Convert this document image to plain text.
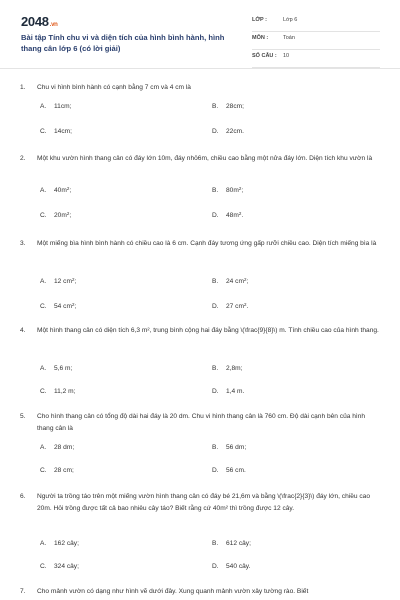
2048.vn
Bài tập Tính chu vi và diện tích của hình bình hành, hình thang cân lớp 6 (có lời giải)
LỚP :	Lớp 6
MÔN :	Toán
SỐ CÂU : 10
1.	Chu vi hình bình hành có cạnh bằng 7 cm và 4 cm là
A. 11cm;	B. 28cm;
C. 14cm;	D. 22cm.
2.	Một khu vườn hình thang cân có đáy lớn 10m, đáy nhỏ6m, chiều cao bằng một nửa đáy lớn. Diện tích khu vườn là
A. $40m^2$;	B. $80m^2$;
C. $20m^2$;	D. $48m^2$.
3.	Một miếng bìa hình bình hành có chiều cao là 6 cm. Cạnh đáy tương ứng gấp rưỡi chiều cao. Diện tích miếng bìa là
A. 12 $cm^2$;	B. 24 $cm^2$;
C. 54 $cm^2$;	D. 27 $cm^2$.
4.	Một hình thang cân có diện tích 6,3 m², trung bình cộng hai đáy bằng \(\frac{9}{8}\) m. Tính chiều cao của hình thang.
A. 5,6 m;	B. 2,8m;
C. 11,2 m;	D. 1,4 m.
5.	Cho hình thang cân có tổng độ dài hai đáy là 20 dm. Chu vi hình thang cân là 760 cm. Độ dài cạnh bên của hình thang cân là
A. 28 dm;	B. 56 dm;
C. 28 cm;	D. 56 cm.
6.	Người ta trồng táo trên một miếng vườn hình thang cân có đáy bé 21,6m và bằng \(\frac{2}{3}\) đáy lớn, chiều cao 20m. Hỏi trồng được tất cả bao nhiêu cây táo? Biết rằng cứ 40m² thì trồng được 12 cây.
A. 162 cây;	B. 612 cây;
C. 324 cây;	D. 540 cây.
7.	Cho mảnh vườn có dạng như hình vẽ dưới đây. Xung quanh mảnh vườn xây tường rào. Biết
